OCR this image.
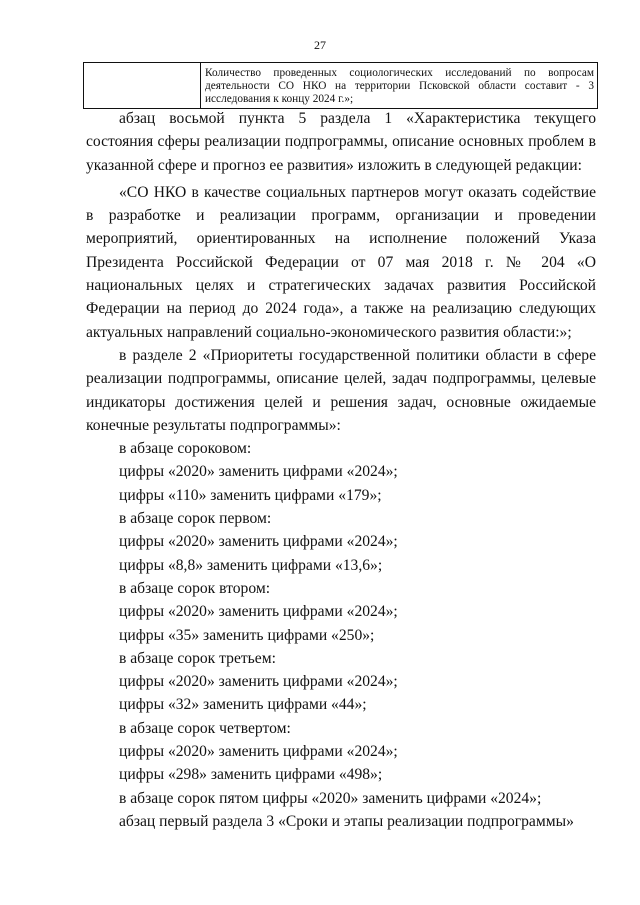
27
	Количество проведенных социологических исследований по вопросам деятельности СО НКО на территории Псковской области составит - 3 исследования к концу 2024 г.»;

абзац восьмой пункта 5 раздела 1 «Характеристика текущего состояния сферы реализации подпрограммы, описание основных проблем в указанной сфере и прогноз ее развития» изложить в следующей редакции:

«СО НКО в качестве социальных партнеров могут оказать содействие в разработке и реализации программ, организации и проведении мероприятий, ориентированных на исполнение положений Указа Президента Российской Федерации от 07 мая 2018 г. № 204 «О национальных целях и стратегических задачах развития Российской Федерации на период до 2024 года», а также на реализацию следующих актуальных направлений социально-экономического развития области:»;

в разделе 2 «Приоритеты государственной политики области в сфере реализации подпрограммы, описание целей, задач подпрограммы, целевые индикаторы достижения целей и решения задач, основные ожидаемые конечные результаты подпрограммы»:

в абзаце сороковом:

цифры «2020» заменить цифрами «2024»;

цифры «110» заменить цифрами «179»;

в абзаце сорок первом:

цифры «2020» заменить цифрами «2024»;

цифры «8,8» заменить цифрами «13,6»;

в абзаце сорок втором:

цифры «2020» заменить цифрами «2024»;

цифры «35» заменить цифрами «250»;

в абзаце сорок третьем:

цифры «2020» заменить цифрами «2024»;

цифры «32» заменить цифрами «44»;

в абзаце сорок четвертом:

цифры «2020» заменить цифрами «2024»;

цифры «298» заменить цифрами «498»;

в абзаце сорок пятом цифры «2020» заменить цифрами «2024»;

абзац первый раздела 3 «Сроки и этапы реализации подпрограммы»
